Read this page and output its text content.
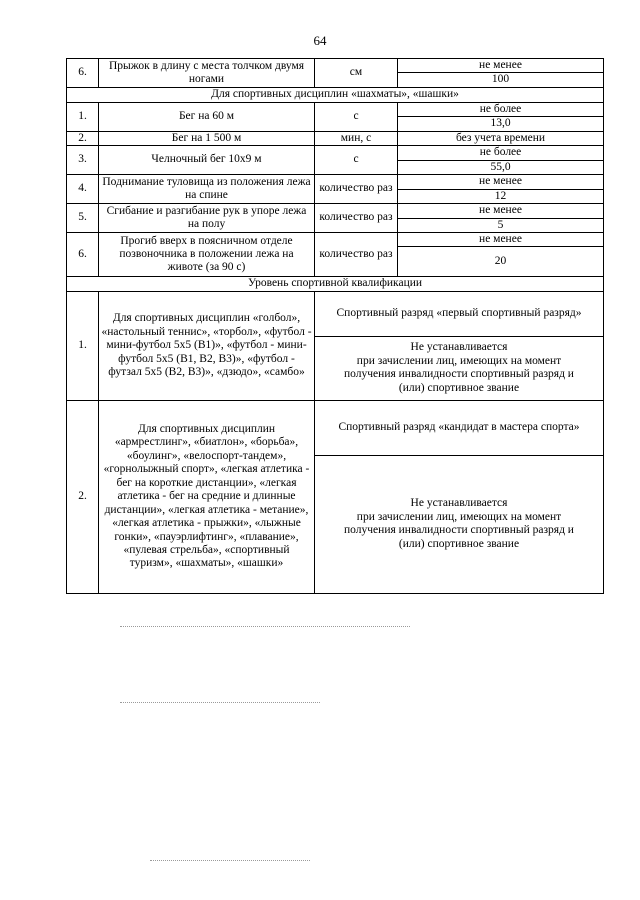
64
6.	Прыжок в длину с места толчком двумя ногами	см	не менее
			100
Для спортивных дисциплин «шахматы», «шашки»			
1.	Бег на 60 м	с	не более
			13,0
2.	Бег на 1 500 м	мин, с	без учета времени
3.	Челночный бег 10х9 м	с	не более
			55,0
4.	Поднимание туловища из положения лежа на спине	количество раз	не менее
			12
5.	Сгибание и разгибание рук в упоре лежа на полу	количество раз	не менее
			5
6.	Прогиб вверх в поясничном отделе позвоночника в положении лежа на животе (за 90 с)	количество раз	не менее
			20
Уровень спортивной квалификации			
1.	Для спортивных дисциплин «голбол», «настольный теннис», «торбол», «футбол - мини-футбол 5х5 (В1)», «футбол - мини-футбол 5х5 (В1, В2, В3)», «футбол - футзал 5х5 (В2, В3)», «дзюдо», «самбо»	Спортивный разряд «первый спортивный разряд»	

		Не устанавливается
при зачислении лиц, имеющих на момент получения инвалидности спортивный разряд и (или) спортивное звание	

2.	Для спортивных дисциплин «армрестлинг», «биатлон», «борьба», «боулинг», «велоспорт-тандем», «горнолыжный спорт», «легкая атлетика - бег на короткие дистанции», «легкая атлетика - бег на средние и длинные дистанции», «легкая атлетика - метание», «легкая атлетика - прыжки», «лыжные гонки», «пауэрлифтинг», «плавание», «пулевая стрельба», «спортивный туризм», «шахматы», «шашки»	Спортивный разряд «кандидат в мастера спорта»	

		Не устанавливается
при зачислении лиц, имеющих на момент получения инвалидности спортивный разряд и (или) спортивное звание	
